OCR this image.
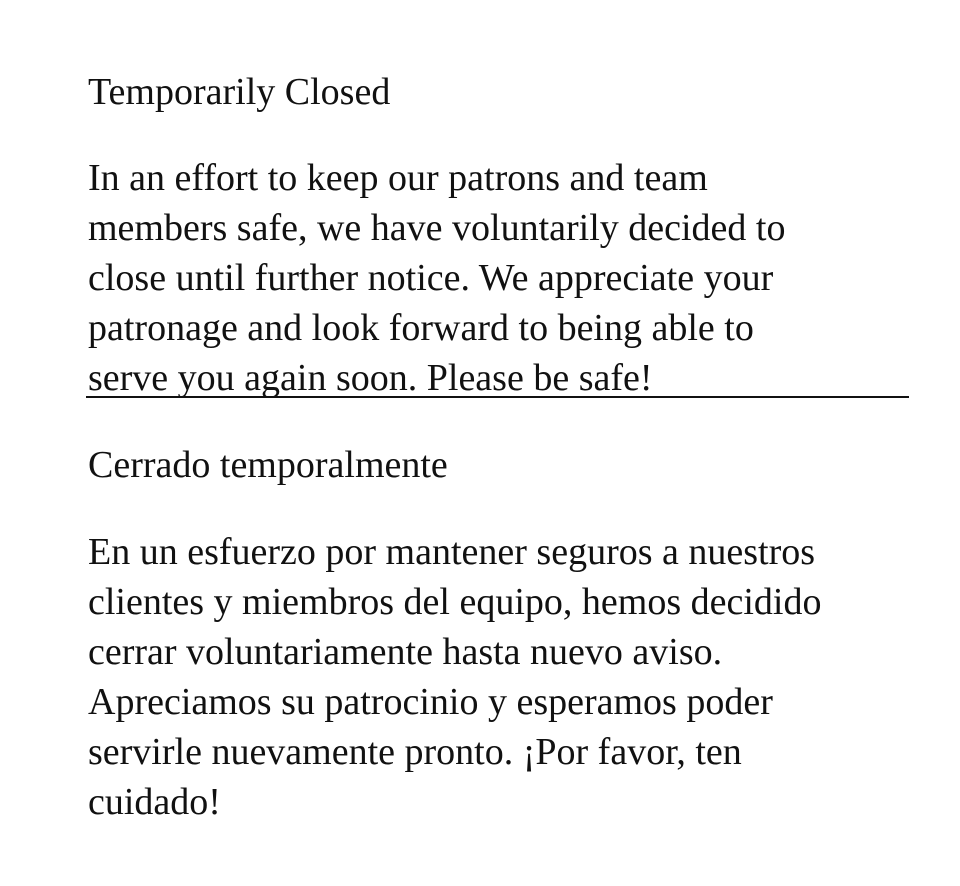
Temporarily Closed
In an effort to keep our patrons and team
members safe, we have voluntarily decided to
close until further notice. We appreciate your
patronage and look forward to being able to
serve you again soon. Please be safe!
Cerrado temporalmente
En un esfuerzo por mantener seguros a nuestros
clientes y miembros del equipo, hemos decidido
cerrar voluntariamente hasta nuevo aviso.
Apreciamos su patrocinio y esperamos poder
servirle nuevamente pronto. ¡Por favor, ten
cuidado!
